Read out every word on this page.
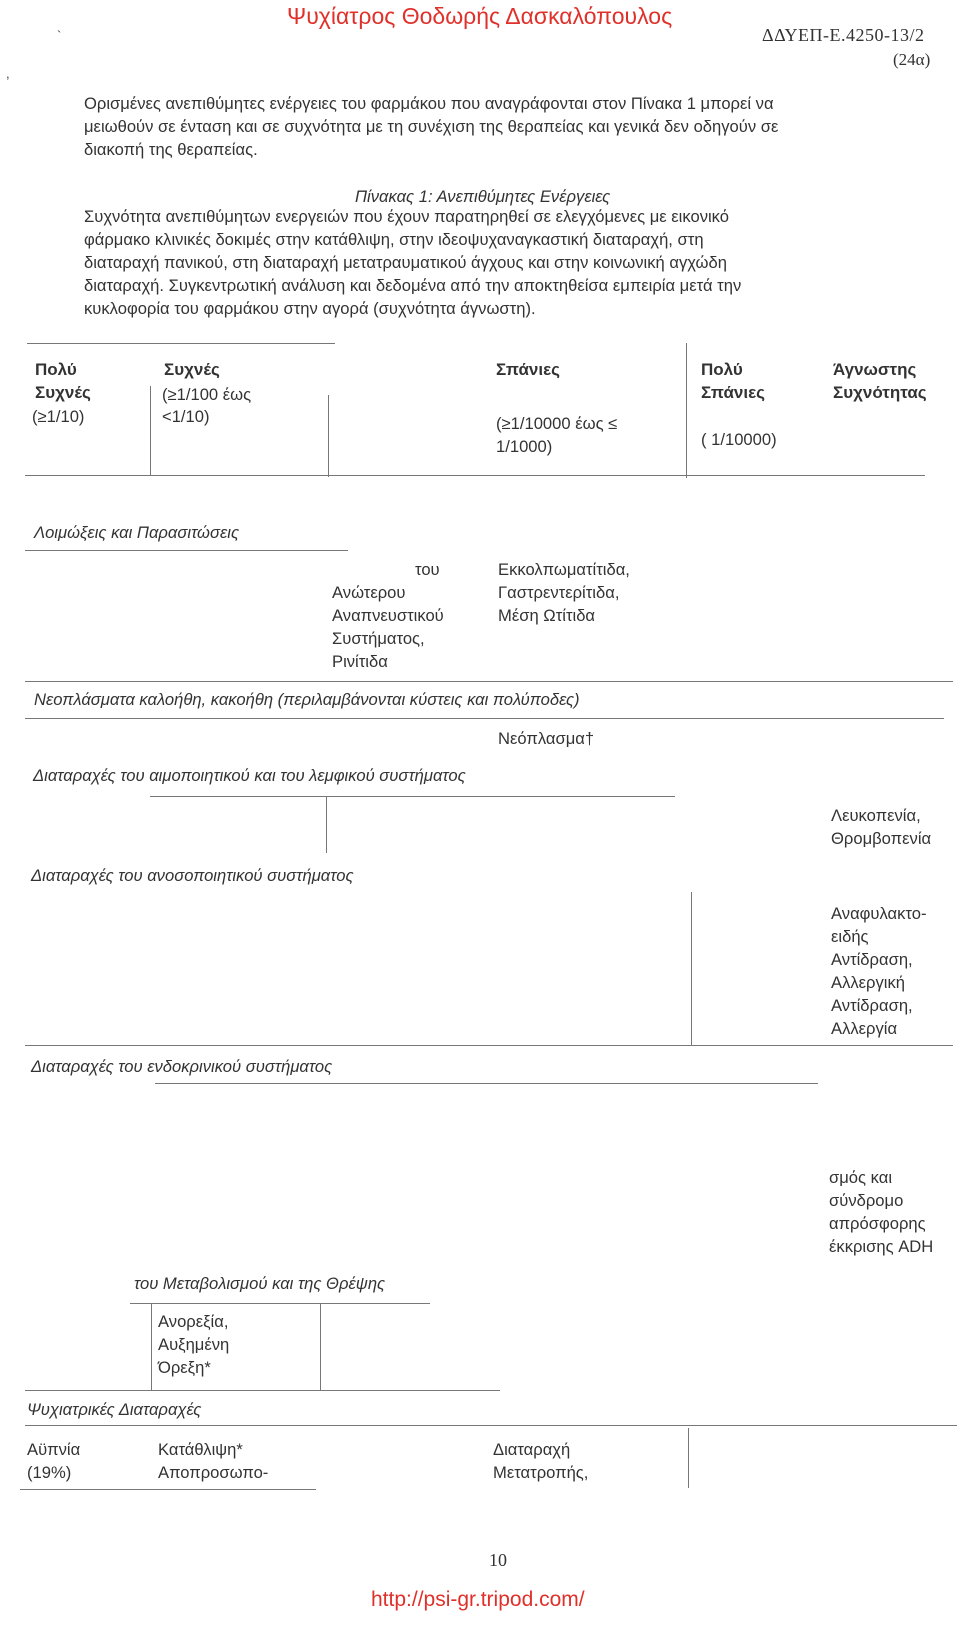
Ψυχίατρος Θοδωρής Δασκαλόπουλος
`	ΔΔΥΕΠ-Ε.4250-13/2
(24α)
,
Ορισμένες ανεπιθύμητες ενέργειες του φαρμάκου που αναγράφονται στον Πίνακα 1 μπορεί να
μειωθούν σε ένταση και σε συχνότητα με τη συνέχιση της θεραπείας και γενικά δεν οδηγούν σε
διακοπή της θεραπείας.
Πίνακας 1: Ανεπιθύμητες Ενέργειες
Συχνότητα ανεπιθύμητων ενεργειών που έχουν παρατηρηθεί σε ελεγχόμενες με εικονικό
φάρμακο κλινικές δοκιμές στην κατάθλιψη, στην ιδεοψυχαναγκαστική διαταραχή, στη
διαταραχή πανικού, στη διαταραχή μετατραυματικού άγχους και στην κοινωνική αγχώδη
διαταραχή. Συγκεντρωτική ανάλυση και δεδομένα από την αποκτηθείσα εμπειρία μετά την
κυκλοφορία του φαρμάκου στην αγορά (συχνότητα άγνωστη).
Πολύ
Συχνές
(≥1/10)
Συχνές
(≥1/100 έως
<1/10)
Σπάνιες
(≥1/10000 έως ≤
1/1000)
Πολύ
Σπάνιες
( 1/10000)
Άγνωστης
Συχνότητας
Λοιμώξεις και Παρασιτώσεις
του
Ανώτερου
Αναπνευστικού
Συστήματος,
Ρινίτιδα
Εκκολπωματίτιδα,
Γαστρεντερίτιδα,
Μέση Ωτίτιδα
Νεοπλάσματα καλοήθη, κακοήθη (περιλαμβάνονται κύστεις και πολύποδες)
Νεόπλασμα†
Διαταραχές του αιμοποιητικού και του λεμφικού συστήματος
Λευκοπενία,
Θρομβοπενία
Διαταραχές του ανοσοποιητικού συστήματος
Αναφυλακτο-
ειδής
Αντίδραση,
Αλλεργική
Αντίδραση,
Αλλεργία
Διαταραχές του ενδοκρινικού συστήματος
σμός και
σύνδρομο
απρόσφορης
έκκρισης ADH
του Μεταβολισμού και της Θρέψης
Ανορεξία,
Αυξημένη
Όρεξη*
Ψυχιατρικές Διαταραχές
Αϋπνία
(19%)
Κατάθλιψη*
Αποπροσωπο-
Διαταραχή
Μετατροπής,
10
http://psi-gr.tripod.com/
